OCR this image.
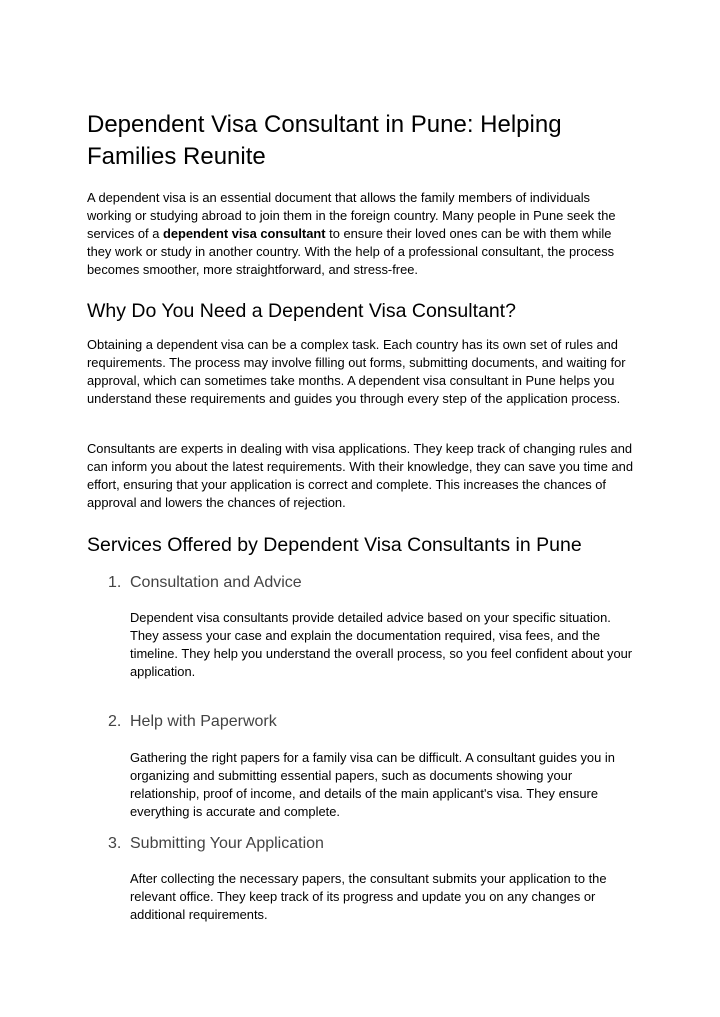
Dependent Visa Consultant in Pune: Helping Families Reunite

A dependent visa is an essential document that allows the family members of individuals working or studying abroad to join them in the foreign country. Many people in Pune seek the services of a dependent visa consultant to ensure their loved ones can be with them while they work or study in another country. With the help of a professional consultant, the process becomes smoother, more straightforward, and stress-free.

Why Do You Need a Dependent Visa Consultant?

Obtaining a dependent visa can be a complex task. Each country has its own set of rules and requirements. The process may involve filling out forms, submitting documents, and waiting for approval, which can sometimes take months. A dependent visa consultant in Pune helps you understand these requirements and guides you through every step of the application process.

Consultants are experts in dealing with visa applications. They keep track of changing rules and can inform you about the latest requirements. With their knowledge, they can save you time and effort, ensuring that your application is correct and complete. This increases the chances of approval and lowers the chances of rejection.

Services Offered by Dependent Visa Consultants in Pune
1. Consultation and Advice

Dependent visa consultants provide detailed advice based on your specific situation. They assess your case and explain the documentation required, visa fees, and the timeline. They help you understand the overall process, so you feel confident about your application.

2. Help with Paperwork

Gathering the right papers for a family visa can be difficult. A consultant guides you in organizing and submitting essential papers, such as documents showing your relationship, proof of income, and details of the main applicant's visa. They ensure everything is accurate and complete.

3. Submitting Your Application

After collecting the necessary papers, the consultant submits your application to the relevant office. They keep track of its progress and update you on any changes or additional requirements.
